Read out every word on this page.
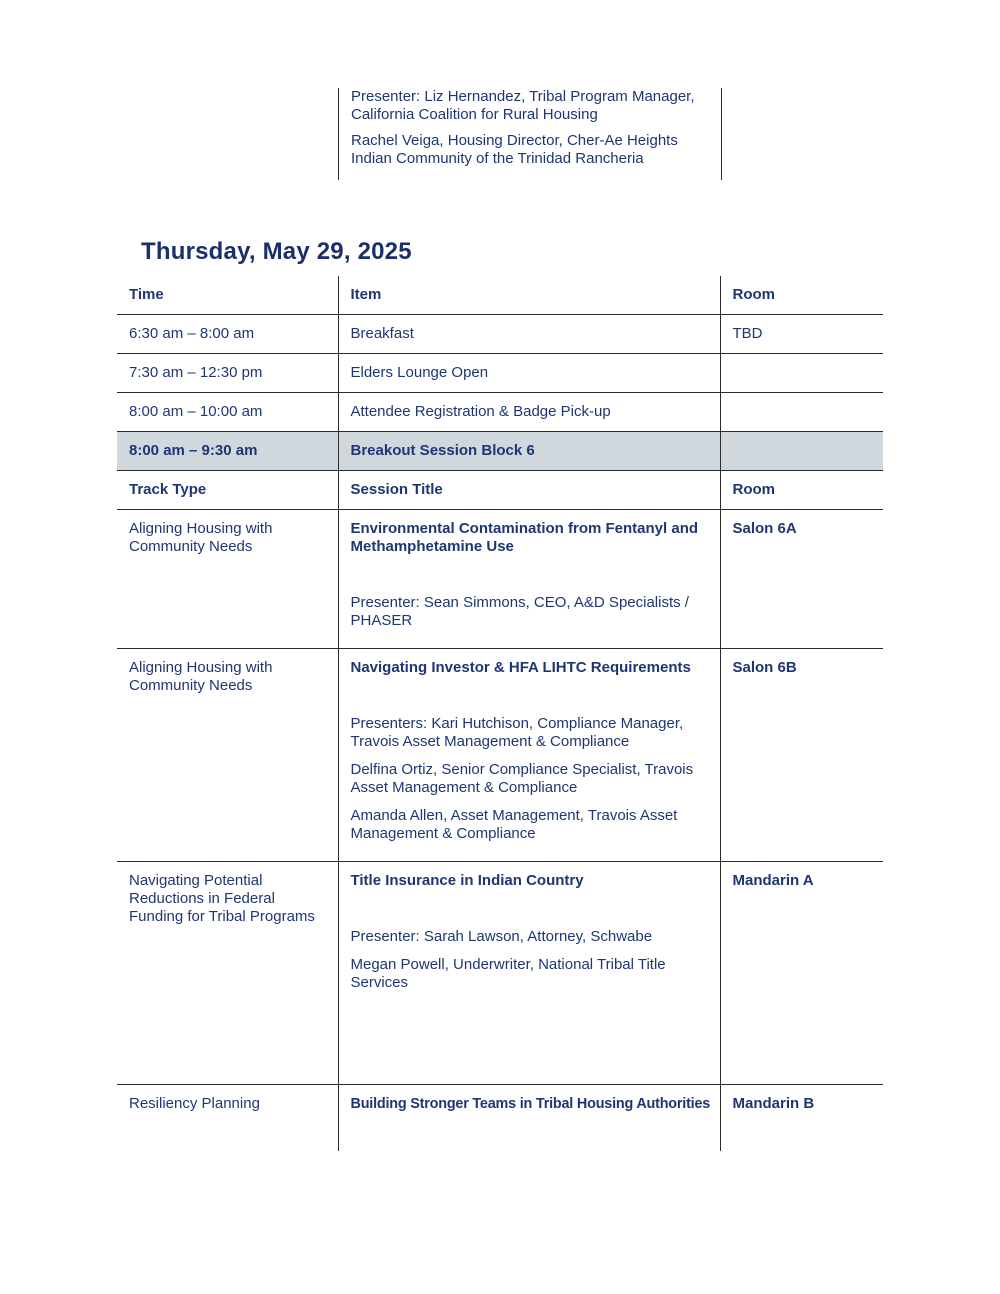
Presenter: Liz Hernandez, Tribal Program Manager, California Coalition for Rural Housing

Rachel Veiga, Housing Director, Cher-Ae Heights Indian Community of the Trinidad Rancheria

Thursday, May 29, 2025
Time	Item	Room
6:30 am – 8:00 am	Breakfast	TBD
7:30 am – 12:30 pm	Elders Lounge Open	
8:00 am – 10:00 am	Attendee Registration & Badge Pick-up	
8:00 am – 9:30 am	Breakout Session Block 6	
Track Type	Session Title	Room
Aligning Housing with Community Needs	Environmental Contamination from Fentanyl and Methamphetamine Use

Presenter: Sean Simmons, CEO, A&D Specialists / PHASER	Salon 6A
Aligning Housing with Community Needs	Navigating Investor & HFA LIHTC Requirements

Presenters: Kari Hutchison, Compliance Manager, Travois Asset Management & Compliance

Delfina Ortiz, Senior Compliance Specialist, Travois Asset Management & Compliance

Amanda Allen, Asset Management, Travois Asset Management & Compliance	Salon 6B
Navigating Potential Reductions in Federal Funding for Tribal Programs	Title Insurance in Indian Country

Presenter: Sarah Lawson, Attorney, Schwabe

Megan Powell, Underwriter, National Tribal Title Services	Mandarin A
Resiliency Planning	Building Stronger Teams in Tribal Housing Authorities	Mandarin B
